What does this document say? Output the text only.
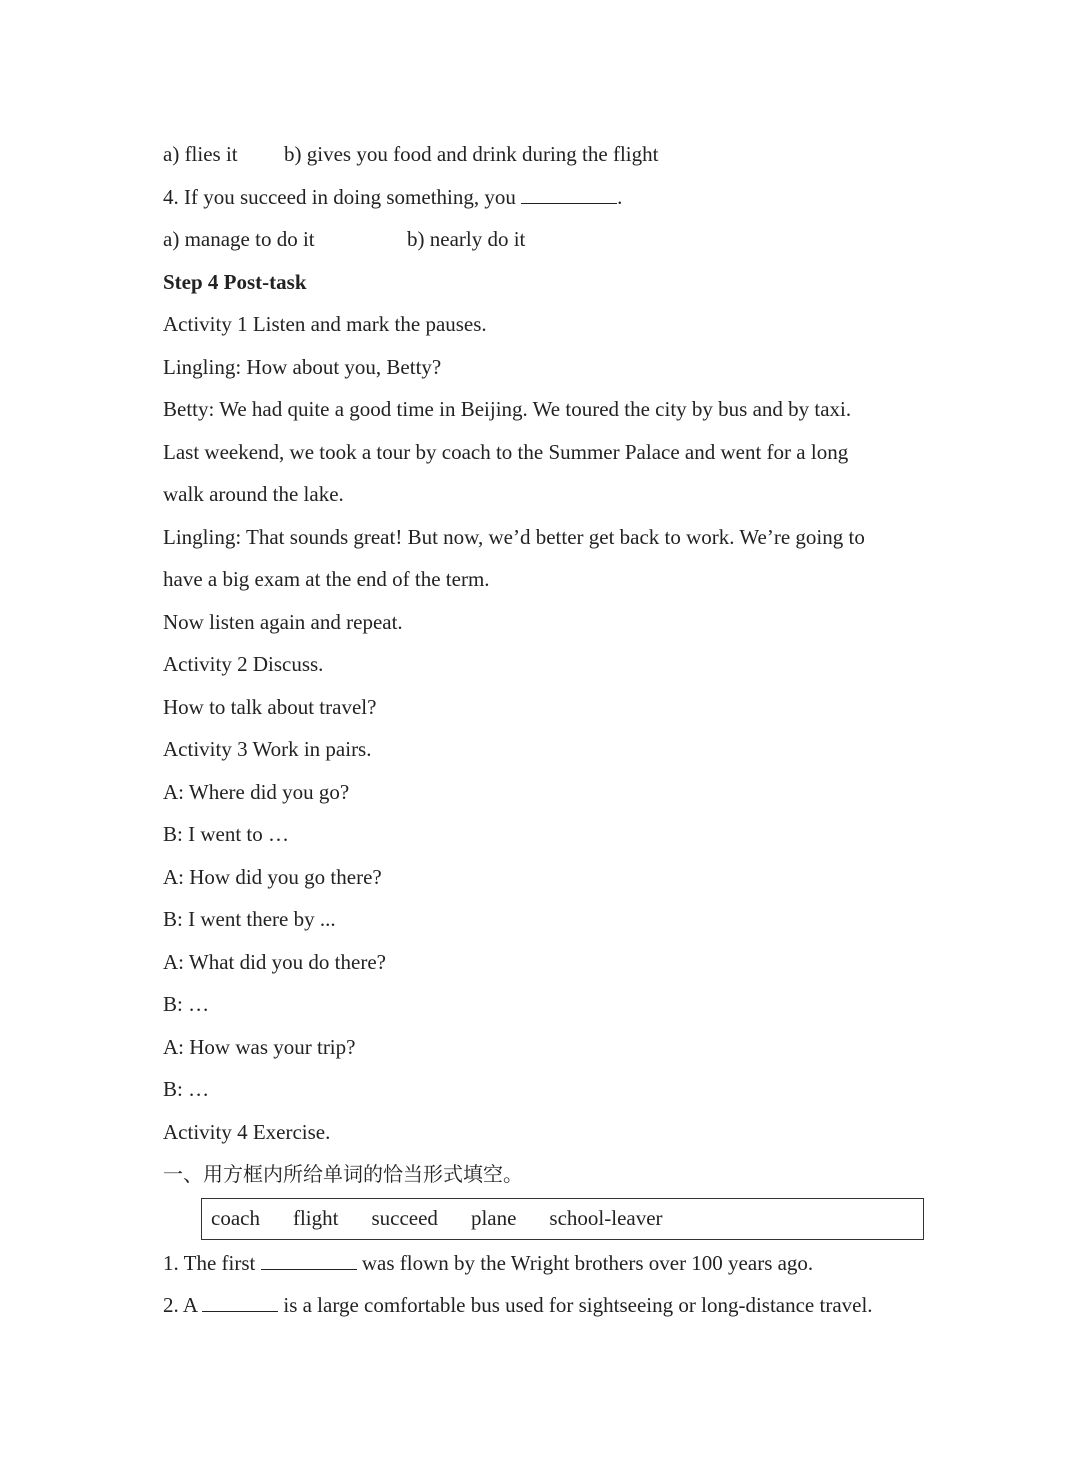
a) flies it b) gives you food and drink during the flight
4. If you succeed in doing something, you	.
a) manage to do it	b) nearly do it
Step 4 Post-task
Activity 1 Listen and mark the pauses.
Lingling: How about you, Betty?
Betty: We had quite a good time in Beijing. We toured the city by bus and by taxi.
Last weekend, we took a tour by coach to the Summer Palace and went for a long
walk around the lake.
Lingling: That sounds great! But now, we’d better get back to work. We’re going to
have a big exam at the end of the term.
Now listen again and repeat.
Activity 2 Discuss.
How to talk about travel?
Activity 3 Work in pairs.
A: Where did you go?
B: I went to …
A: How did you go there?
B: I went there by ...
A: What did you do there?
B: …
A: How was your trip?
B: …
Activity 4 Exercise.
一、用方框内所给单词的恰当形式填空。
coach flight succeed plane school-leaver
1. The first	was flown by the Wright brothers over 100 years ago.
2. A	is a large comfortable bus used for sightseeing or long-distance travel.
